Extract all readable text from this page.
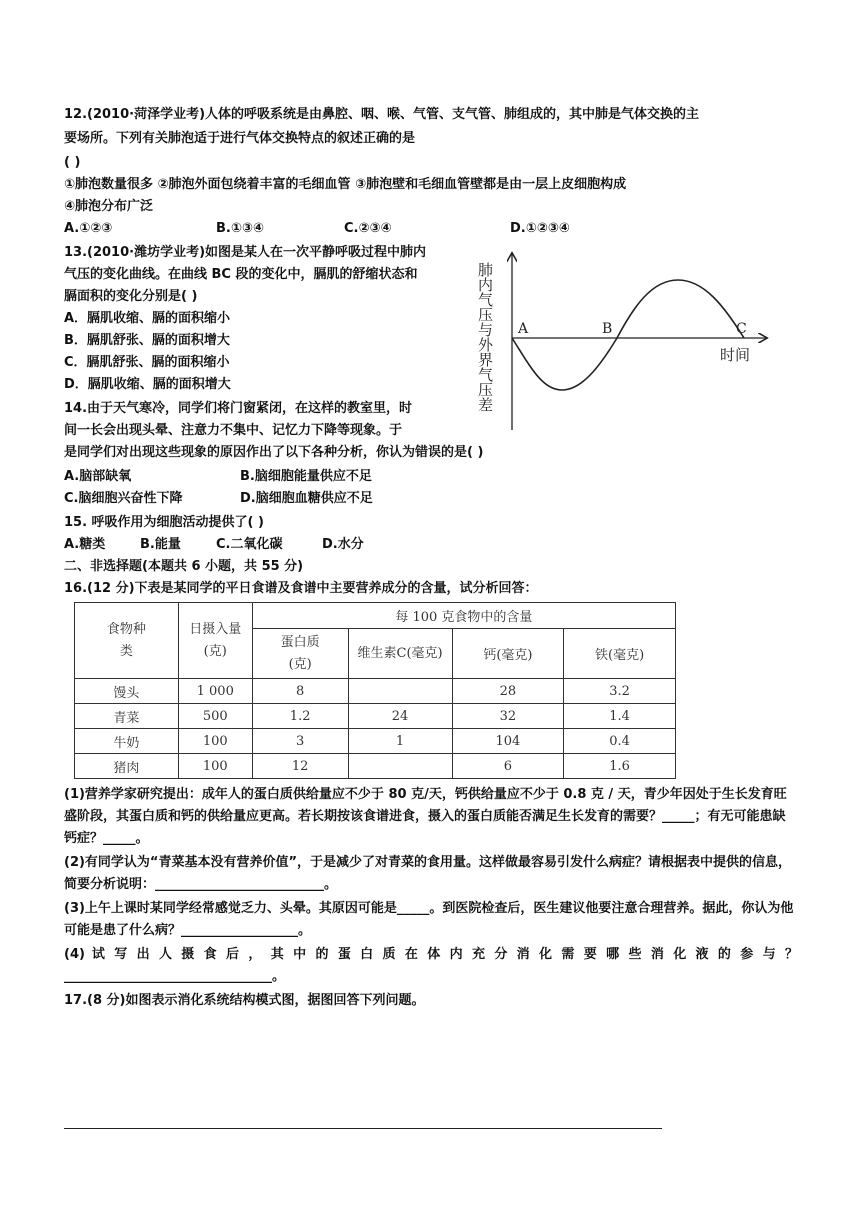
12.(2010·菏泽学业考)人体的呼吸系统是由鼻腔、咽、喉、气管、支气管、肺组成的，其中肺是气体交换的主
要场所。下列有关肺泡适于进行气体交换特点的叙述正确的是
( )
①肺泡数量很多 ②肺泡外面包绕着丰富的毛细血管 ③肺泡壁和毛细血管壁都是由一层上皮细胞构成
④肺泡分布广泛
A.①②③	B.①③④	C.②③④	D.①②③④
13.(2010·潍坊学业考)如图是某人在一次平静呼吸过程中肺内
气压的变化曲线。在曲线 BC 段的变化中，膈肌的舒缩状态和
膈面积的变化分别是( )
A．膈肌收缩、膈的面积缩小
B．膈肌舒张、膈的面积增大
C．膈肌舒张、膈的面积缩小
D．膈肌收缩、膈的面积增大	肺内气压与外界气压差 A	B	C
时间
14.由于天气寒冷，同学们将门窗紧闭，在这样的教室里，时
间一长会出现头晕、注意力不集中、记忆力下降等现象。于
是同学们对出现这些现象的原因作出了以下各种分析，你认为错误的是( )
A.脑部缺氧	B.脑细胞能量供应不足
C.脑细胞兴奋性下降	D.脑细胞血糖供应不足
15. 呼吸作用为细胞活动提供了( )
A.糖类	B.能量	C.二氧化碳	D.水分
二、非选择题(本题共 6 小题，共 55 分)
16.(12 分)下表是某同学的平日食谱及食谱中主要营养成分的含量，试分析回答：
食物种类	日摄入量(克)	每 100 克食物中的含量			

		蛋白质(克)	维生素C(毫克)	钙(毫克)	铁(毫克)
馒头	1 000	8		28	3.2
青菜	500	1.2	24	32	1.4
牛奶	100	3	1	104	0.4
猪肉	100	12		6	1.6
(1)营养学家研究提出：成年人的蛋白质供给量应不少于 80 克/天，钙供给量应不少于 0.8 克 / 天，青少年因处于生长发育旺盛阶段，其蛋白质和钙的供给量应更高。若长期按该食谱进食，摄入的蛋白质能否满足生长发育的需要？_____；有无可能患缺钙症？_____。
(2)有同学认为“青菜基本没有营养价值”，于是减少了对青菜的食用量。这样做最容易引发什么病症？请根据表中提供的信息，简要分析说明：__________________________。
(3)上午上课时某同学经常感觉乏力、头晕。其原因可能是_____。到医院检查后，医生建议他要注意合理营养。据此，你认为他可能是患了什么病？__________________。
(4) 试 写 出 人 摄 食 后 ， 其 中 的 蛋 白 质 在 体 内 充 分 消 化 需 要 哪 些 消 化 液 的 参 与 ？ ________________________________。
17.(8 分)如图表示消化系统结构模式图，据图回答下列问题。
